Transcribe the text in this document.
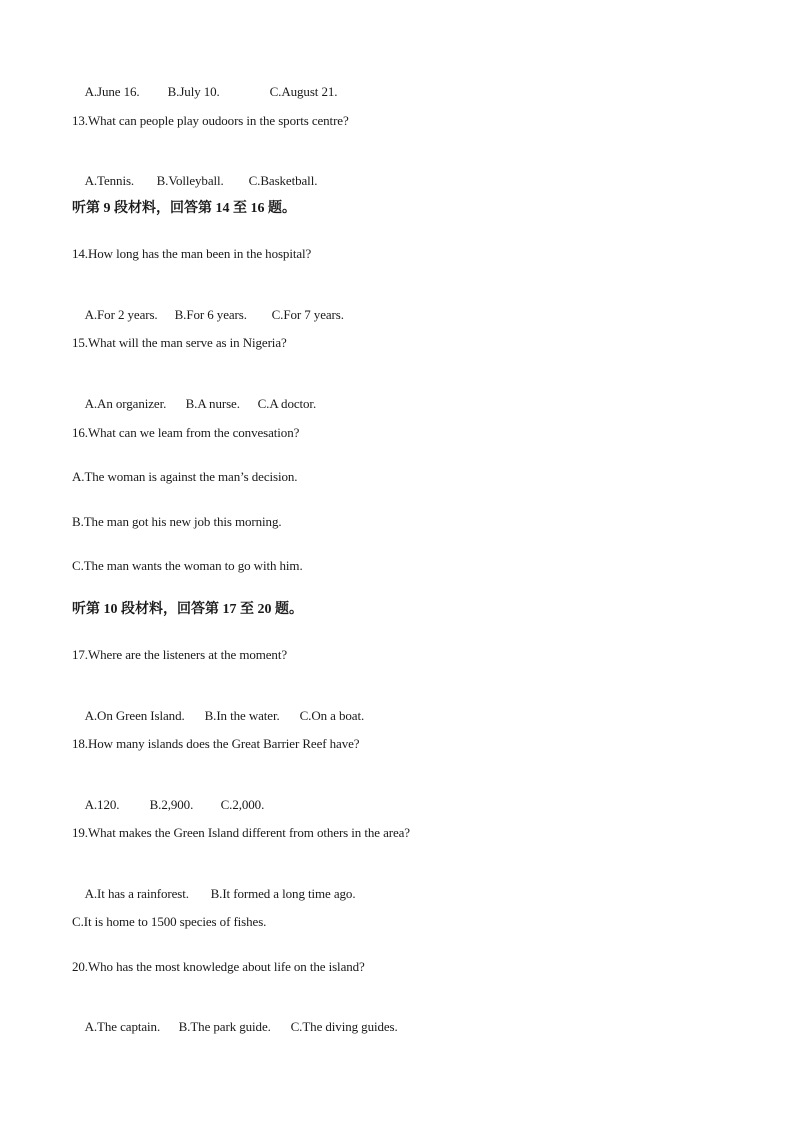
A.June 16. B.July 10.	C.August 21.

13.What can people play oudoors in the sports centre?

A.Tennis. B.Volleyball. C.Basketball.

听第 9 段材料，回答第 14 至 16 题。
14.How long has the man been in the hospital?

A.For 2 years. B.For 6 years. C.For 7 years.

15.What will the man serve as in Nigeria?

A.An organizer. B.A nurse. C.A doctor.

16.What can we leam from the convesation?
A.The woman is against the man’s decision.
B.The man got his new job this morning.
C.The man wants the woman to go with him.
听第 10 段材料，回答第 17 至 20 题。
17.Where are the listeners at the moment?

A.On Green Island. B.In the water. C.On a boat.

18.How many islands does the Great Barrier Reef have?

A.120. B.2,900. C.2,000.

19.What makes the Green Island different from others in the area?

A.It has a rainforest. B.It formed a long time ago.

C.It is home to 1500 species of fishes.
20.Who has the most knowledge about life on the island?

A.The captain. B.The park guide. C.The diving guides.
